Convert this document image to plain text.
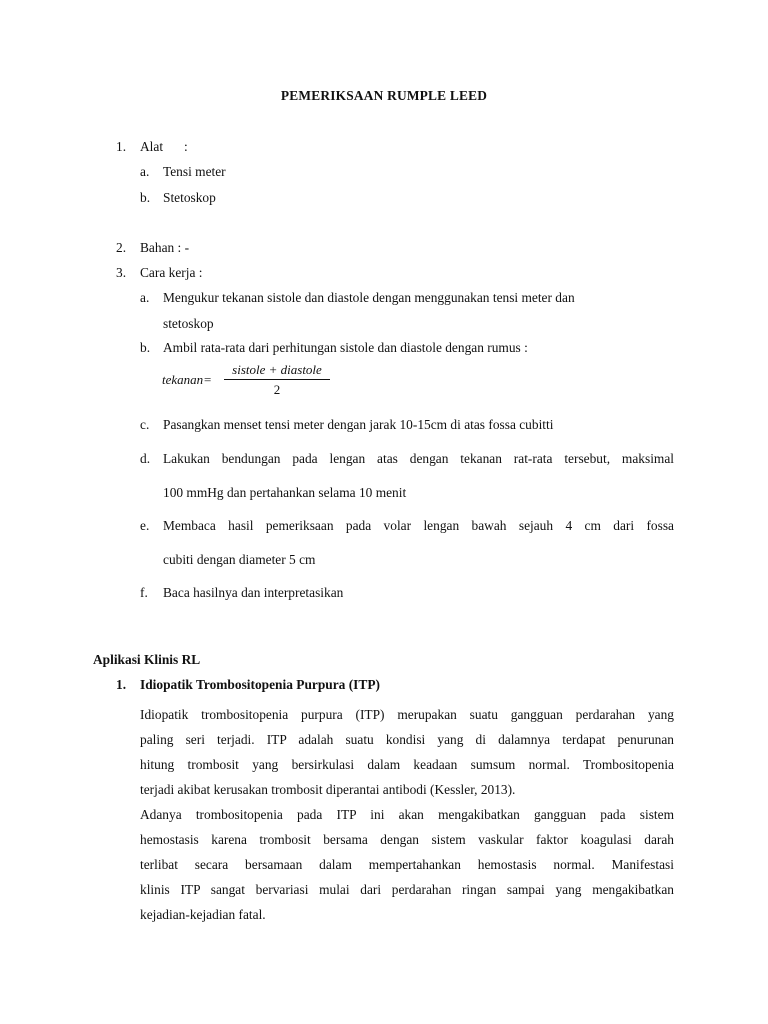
PEMERIKSAAN RUMPLE LEED
1. Alat :
a. Tensi meter
b. Stetoskop
2. Bahan : -
3. Cara kerja :
a. Mengukur tekanan sistole dan diastole dengan menggunakan tensi meter dan
stetoskop
b. Ambil rata-rata dari perhitungan sistole dan diastole dengan rumus :
tekanan=
sistole + diastole
2
c. Pasangkan menset tensi meter dengan jarak 10-15cm di atas fossa cubitti
d. Lakukan bendungan pada lengan atas dengan tekanan rat-rata tersebut, maksimal
100 mmHg dan pertahankan selama 10 menit
e. Membaca hasil pemeriksaan pada volar lengan bawah sejauh 4 cm dari fossa
cubiti dengan diameter 5 cm
f. Baca hasilnya dan interpretasikan
Aplikasi Klinis RL
1. Idiopatik Trombositopenia Purpura (ITP)
Idiopatik trombositopenia purpura (ITP) merupakan suatu gangguan perdarahan yang
paling seri terjadi. ITP adalah suatu kondisi yang di dalamnya terdapat penurunan
hitung trombosit yang bersirkulasi dalam keadaan sumsum normal. Trombositopenia
terjadi akibat kerusakan trombosit diperantai antibodi (Kessler, 2013).
Adanya trombositopenia pada ITP ini akan mengakibatkan gangguan pada sistem
hemostasis karena trombosit bersama dengan sistem vaskular faktor koagulasi darah
terlibat secara bersamaan dalam mempertahankan hemostasis normal. Manifestasi
klinis ITP sangat bervariasi mulai dari perdarahan ringan sampai yang mengakibatkan
kejadian-kejadian fatal.
